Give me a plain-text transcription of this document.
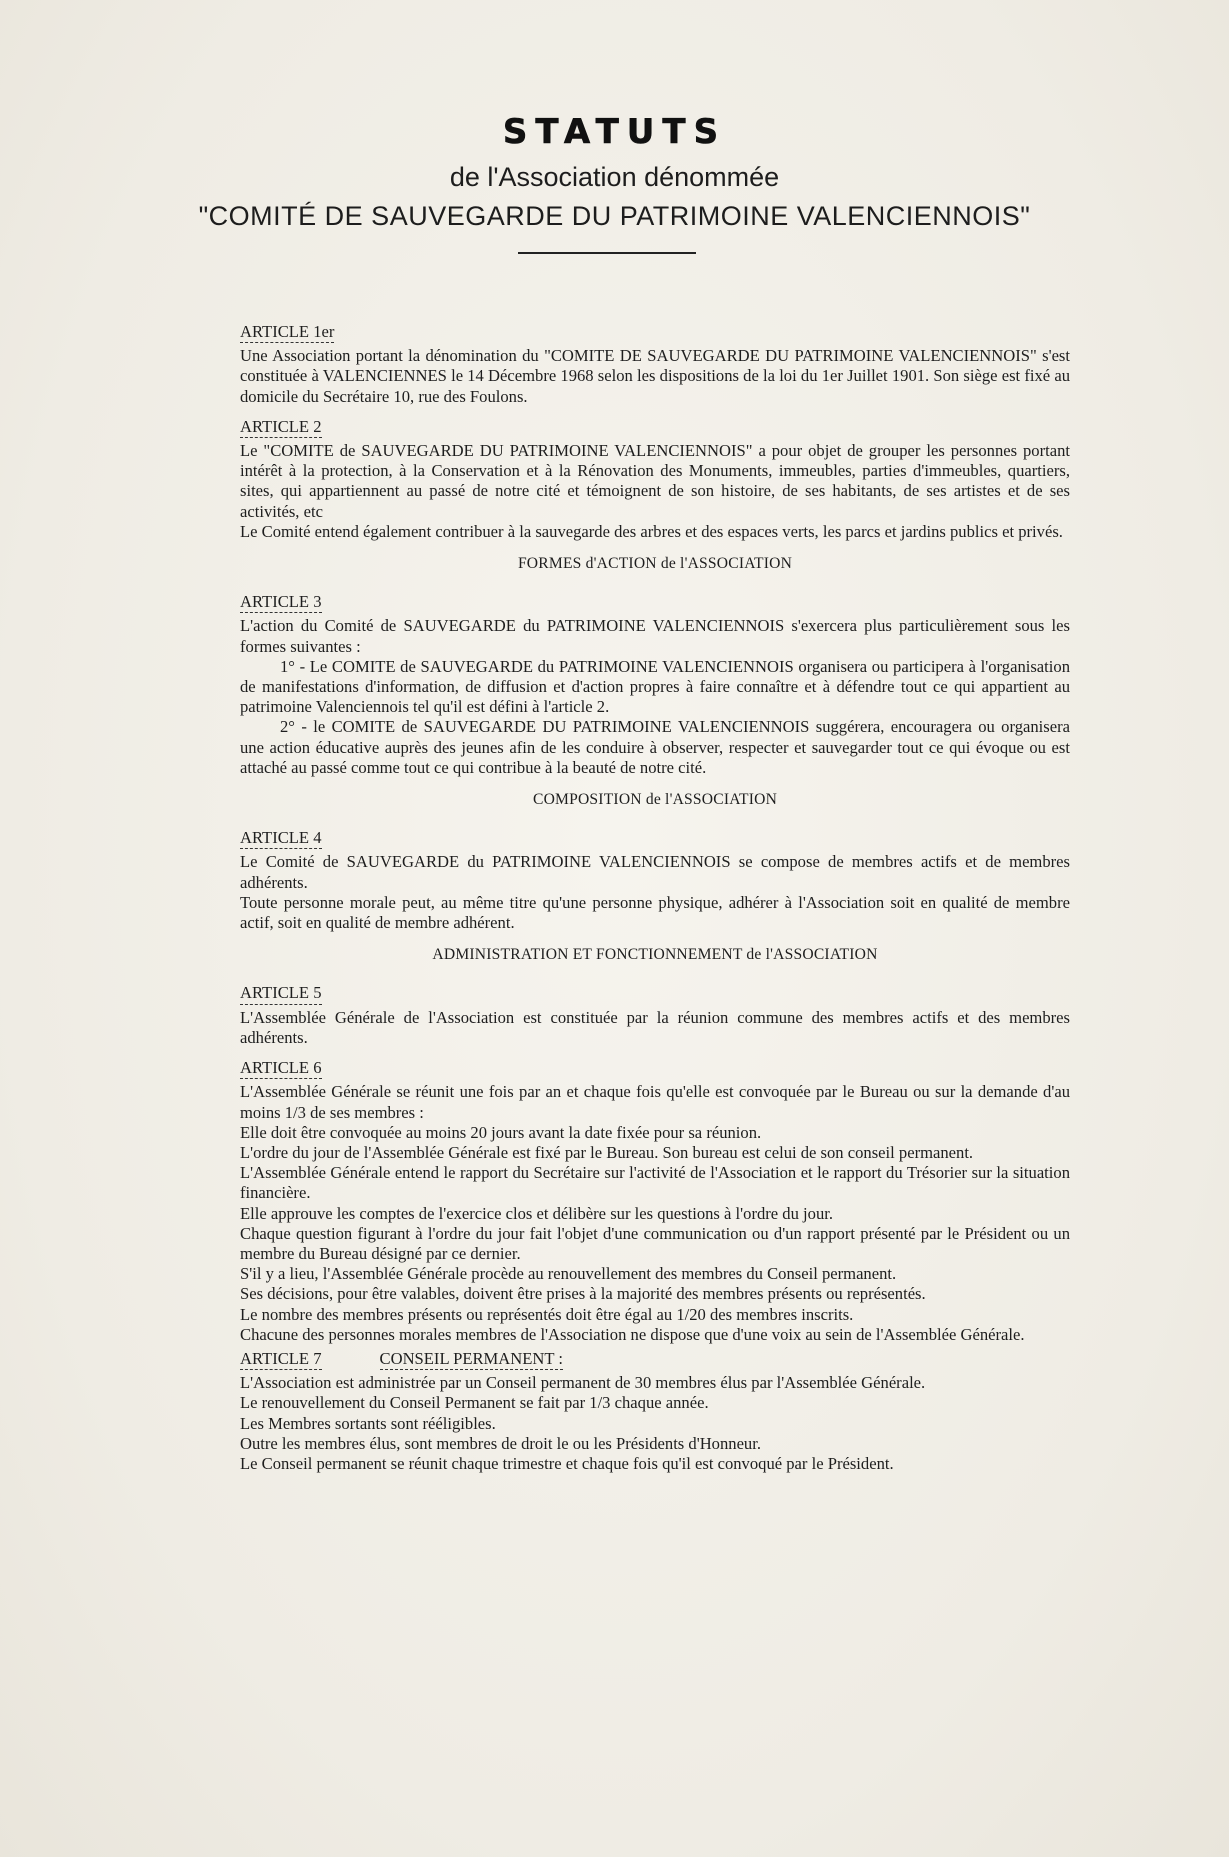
STATUTS
de l'Association dénommée
"COMITÉ DE SAUVEGARDE DU PATRIMOINE VALENCIENNOIS"
ARTICLE 1er

Une Association portant la dénomination du "COMITE DE SAUVEGARDE DU PATRIMOINE VALENCIENNOIS" s'est constituée à VALENCIENNES le 14 Décembre 1968 selon les dispositions de la loi du 1er Juillet 1901. Son siège est fixé au domicile du Secrétaire 10, rue des Foulons.

ARTICLE 2

Le "COMITE de SAUVEGARDE DU PATRIMOINE VALENCIENNOIS" a pour objet de grouper les personnes portant intérêt à la protection, à la Conservation et à la Rénovation des Monuments, immeubles, parties d'immeubles, quartiers, sites, qui appartiennent au passé de notre cité et témoignent de son histoire, de ses habitants, de ses artistes et de ses activités, etc

Le Comité entend également contribuer à la sauvegarde des arbres et des espaces verts, les parcs et jardins publics et privés.

FORMES d'ACTION de l'ASSOCIATION
ARTICLE 3

L'action du Comité de SAUVEGARDE du PATRIMOINE VALENCIENNOIS s'exercera plus particulièrement sous les formes suivantes :

1° - Le COMITE de SAUVEGARDE du PATRIMOINE VALENCIENNOIS organisera ou participera à l'organisation de manifestations d'information, de diffusion et d'action propres à faire connaître et à défendre tout ce qui appartient au patrimoine Valenciennois tel qu'il est défini à l'article 2.

2° - le COMITE de SAUVEGARDE DU PATRIMOINE VALENCIENNOIS suggérera, encouragera ou organisera une action éducative auprès des jeunes afin de les conduire à observer, respecter et sauvegarder tout ce qui évoque ou est attaché au passé comme tout ce qui contribue à la beauté de notre cité.

COMPOSITION de l'ASSOCIATION
ARTICLE 4

Le Comité de SAUVEGARDE du PATRIMOINE VALENCIENNOIS se compose de membres actifs et de membres adhérents.

Toute personne morale peut, au même titre qu'une personne physique, adhérer à l'Association soit en qualité de membre actif, soit en qualité de membre adhérent.

ADMINISTRATION ET FONCTIONNEMENT de l'ASSOCIATION
ARTICLE 5

L'Assemblée Générale de l'Association est constituée par la réunion commune des membres actifs et des membres adhérents.

ARTICLE 6

L'Assemblée Générale se réunit une fois par an et chaque fois qu'elle est convoquée par le Bureau ou sur la demande d'au moins 1/3 de ses membres :

Elle doit être convoquée au moins 20 jours avant la date fixée pour sa réunion.

L'ordre du jour de l'Assemblée Générale est fixé par le Bureau. Son bureau est celui de son conseil permanent.

L'Assemblée Générale entend le rapport du Secrétaire sur l'activité de l'Association et le rapport du Trésorier sur la situation financière.

Elle approuve les comptes de l'exercice clos et délibère sur les questions à l'ordre du jour.

Chaque question figurant à l'ordre du jour fait l'objet d'une communication ou d'un rapport présenté par le Président ou un membre du Bureau désigné par ce dernier.

S'il y a lieu, l'Assemblée Générale procède au renouvellement des membres du Conseil permanent.

Ses décisions, pour être valables, doivent être prises à la majorité des membres présents ou représentés.

Le nombre des membres présents ou représentés doit être égal au 1/20 des membres inscrits.

Chacune des personnes morales membres de l'Association ne dispose que d'une voix au sein de l'Assemblée Générale.

ARTICLE 7	CONSEIL PERMANENT :

L'Association est administrée par un Conseil permanent de 30 membres élus par l'Assemblée Générale.

Le renouvellement du Conseil Permanent se fait par 1/3 chaque année.

Les Membres sortants sont rééligibles.

Outre les membres élus, sont membres de droit le ou les Présidents d'Honneur.

Le Conseil permanent se réunit chaque trimestre et chaque fois qu'il est convoqué par le Président.
